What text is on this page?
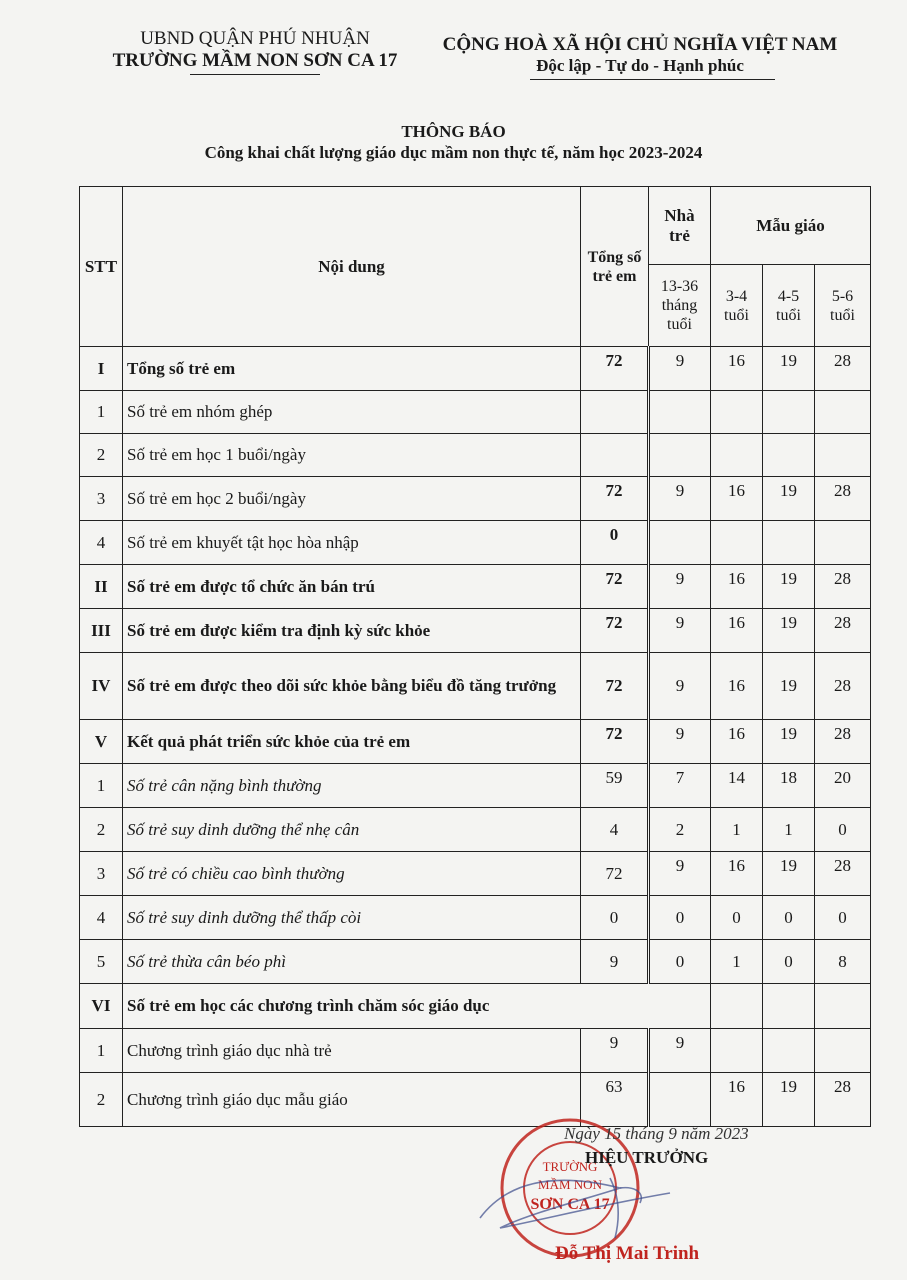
UBND QUẬN PHÚ NHUẬN
TRƯỜNG MẦM NON SƠN CA 17
CỘNG HOÀ XÃ HỘI CHỦ NGHĨA VIỆT NAM
Độc lập - Tự do - Hạnh phúc
THÔNG BÁO
Công khai chất lượng giáo dục mầm non thực tế, năm học 2023-2024
STT	Nội dung	Tổng số trẻ em	Nhà trẻ	Mẫu giáo		
			13-36 tháng tuổi	3-4 tuổi	4-5 tuổi	5-6 tuổi
I	Tổng số trẻ em	72	9	16	19	28
1	Số trẻ em nhóm ghép					
2	Số trẻ em học 1 buổi/ngày					
3	Số trẻ em học 2 buổi/ngày	72	9	16	19	28
4	Số trẻ em khuyết tật học hòa nhập	0				
II	Số trẻ em được tổ chức ăn bán trú	72	9	16	19	28
III	Số trẻ em được kiểm tra định kỳ sức khỏe	72	9	16	19	28
IV	Số trẻ em được theo dõi sức khỏe bằng biểu đồ tăng trưởng	72	9	16	19	28
V	Kết quả phát triển sức khỏe của trẻ em	72	9	16	19	28
1	Số trẻ cân nặng bình thường	59	7	14	18	20
2	Số trẻ suy dinh dưỡng thể nhẹ cân	4	2	1	1	0
3	Số trẻ có chiều cao bình thường	72	9	16	19	28
4	Số trẻ suy dinh dưỡng thể thấp còi	0	0	0	0	0
5	Số trẻ thừa cân béo phì	9	0	1	0	8
VI	Số trẻ em học các chương trình chăm sóc giáo dục					
1	Chương trình giáo dục nhà trẻ	9	9			
2	Chương trình giáo dục mẫu giáo	63		16	19	28
TRƯỜNG
MẦM NON
SƠN CA 17
Ngày 15 tháng 9 năm 2023
HIỆU TRƯỞNG
Đỗ Thị Mai Trinh
